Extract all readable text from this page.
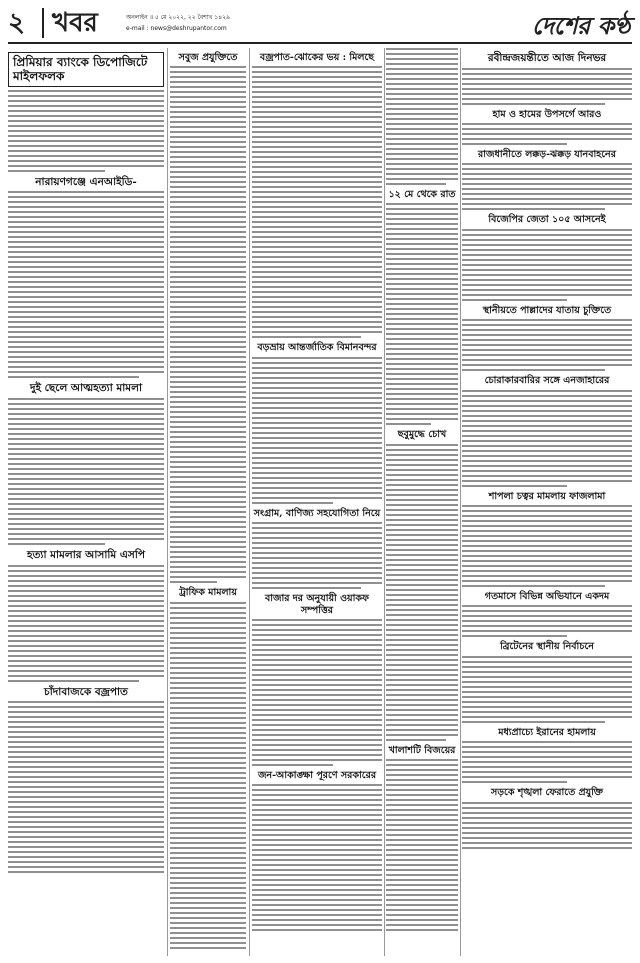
২	খবর	অনলাইন ॥ ৫ মে ২০২২, ২২ বৈশাখ ১৪২৯
e-mail : news@deshrupantor.com	দেশের কণ্ঠ
প্রিমিয়ার ব্যাংকে ডিপোজিটে মাইলফলক
নারায়ণগঞ্জে এনআইডি-
দুই ছেলে আত্মহত্যা মামলা
হত্যা মামলার আসামি এসপি
চাঁদাবাজকে বজ্রপাত
সবুজ প্রযুক্তিতে
ট্রাফিক মামলায়
বজ্রপাত-ঝোকের ভয় : মিলছে
বড়ভ্রায় আন্তর্জাতিক বিমানবন্দর
সংগ্রাম, বাণিজ্য সহযোগিতা নিয়ে
বাজার দর অনুযায়ী ওয়াকফ সম্পত্তির
জন-আকাঙ্ক্ষা পূরণে সরকারের
১২ মে থেকে রাত
ছবুমুদ্ধে চোখ
খালাশটি বিজয়ের
রবীন্দ্রজয়ন্তীতে আজ দিনভর
হাম ও হামের উপসর্গে আরও
রাজধানীতে লক্কড়-ঝক্কড় যানবাহনের
বিজেপির জেতা ১০৫ আসনেই
স্থানীয়তে পাল্লাদের যাতায় চুক্তিতে
চোরাকারবারির সঙ্গে এনজাহারের
শাপলা চত্বর মামলায় ফাজলামা
গতমাসে বিভিন্ন অভিযানে একদম
ব্রিটেনের স্থানীয় নির্বাচনে
মধ্যপ্রাচ্যে ইরানের হামলায়
সড়কে শৃঙ্খলা ফেরাতে প্রযুক্তি
